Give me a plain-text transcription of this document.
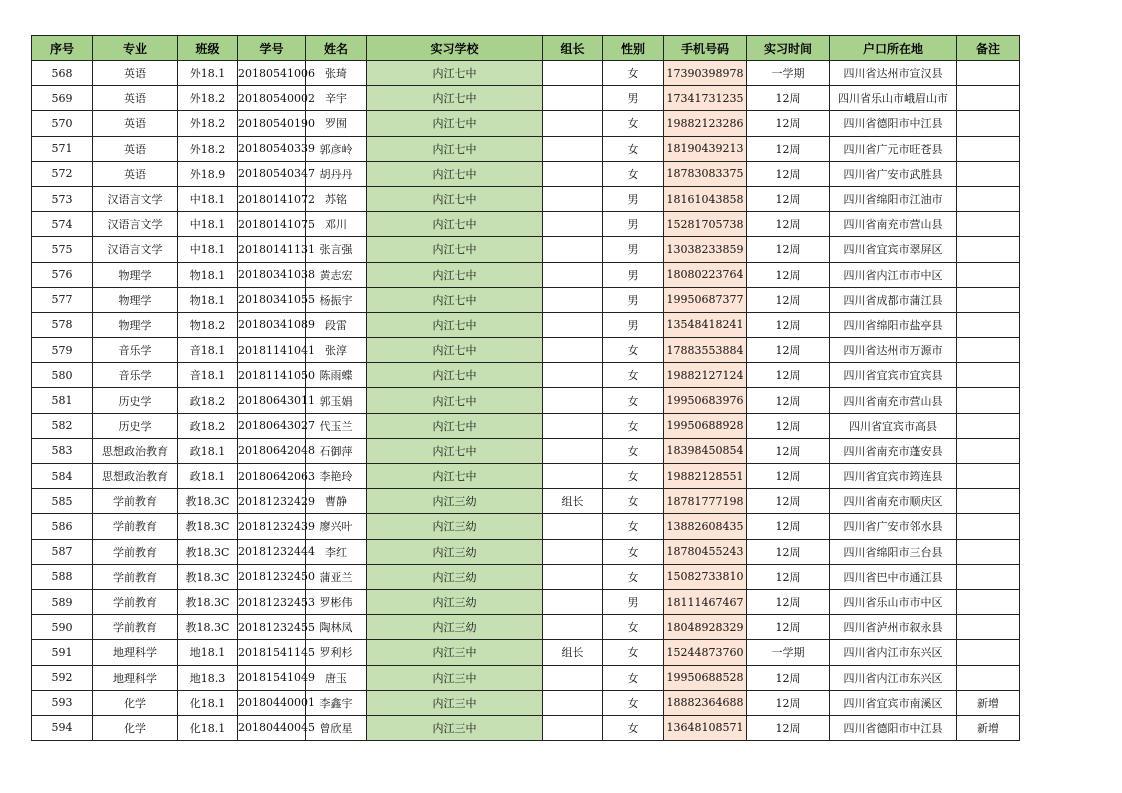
序号	专业	班级	学号	姓名	实习学校	组长	性别	手机号码	实习时间	户口所在地	备注
568	英语	外18.1	20180541006	张琦	内江七中		女	17390398978	一学期	四川省达州市宣汉县	
569	英语	外18.2	20180540002	辛宇	内江七中		男	17341731235	12周	四川省乐山市峨眉山市	
570	英语	外18.2	20180540190	罗囿	内江七中		女	19882123286	12周	四川省德阳市中江县	
571	英语	外18.2	20180540339	郭彦岭	内江七中		女	18190439213	12周	四川省广元市旺苍县	
572	英语	外18.9	20180540347	胡丹丹	内江七中		女	18783083375	12周	四川省广安市武胜县	
573	汉语言文学	中18.1	20180141072	苏铭	内江七中		男	18161043858	12周	四川省绵阳市江油市	
574	汉语言文学	中18.1	20180141075	邓川	内江七中		男	15281705738	12周	四川省南充市营山县	
575	汉语言文学	中18.1	20180141131	张言强	内江七中		男	13038233859	12周	四川省宜宾市翠屏区	
576	物理学	物18.1	20180341038	黄志宏	内江七中		男	18080223764	12周	四川省内江市市中区	
577	物理学	物18.1	20180341055	杨振宇	内江七中		男	19950687377	12周	四川省成都市蒲江县	
578	物理学	物18.2	20180341089	段雷	内江七中		男	13548418241	12周	四川省绵阳市盐亭县	
579	音乐学	音18.1	20181141041	张淳	内江七中		女	17883553884	12周	四川省达州市万源市	
580	音乐学	音18.1	20181141050	陈雨蝶	内江七中		女	19882127124	12周	四川省宜宾市宜宾县	
581	历史学	政18.2	20180643011	郭玉娟	内江七中		女	19950683976	12周	四川省南充市营山县	
582	历史学	政18.2	20180643027	代玉兰	内江七中		女	19950688928	12周	四川省宜宾市高县	
583	思想政治教育	政18.1	20180642048	石御萍	内江七中		女	18398450854	12周	四川省南充市蓬安县	
584	思想政治教育	政18.1	20180642063	李艳玲	内江七中		女	19882128551	12周	四川省宜宾市筠连县	
585	学前教育	教18.3C	20181232429	曹静	内江三幼	组长	女	18781777198	12周	四川省南充市顺庆区	
586	学前教育	教18.3C	20181232439	廖兴叶	内江三幼		女	13882608435	12周	四川省广安市邻水县	
587	学前教育	教18.3C	20181232444	李红	内江三幼		女	18780455243	12周	四川省绵阳市三台县	
588	学前教育	教18.3C	20181232450	蒲亚兰	内江三幼		女	15082733810	12周	四川省巴中市通江县	
589	学前教育	教18.3C	20181232453	罗彬伟	内江三幼		男	18111467467	12周	四川省乐山市市中区	
590	学前教育	教18.3C	20181232455	陶林凤	内江三幼		女	18048928329	12周	四川省泸州市叙永县	
591	地理科学	地18.1	20181541145	罗利杉	内江三中	组长	女	15244873760	一学期	四川省内江市东兴区	
592	地理科学	地18.3	20181541049	唐玉	内江三中		女	19950688528	12周	四川省内江市东兴区	
593	化学	化18.1	20180440001	李鑫宇	内江三中		女	18882364688	12周	四川省宜宾市南溪区	新增
594	化学	化18.1	20180440045	曾欣星	内江三中		女	13648108571	12周	四川省德阳市中江县	新增
